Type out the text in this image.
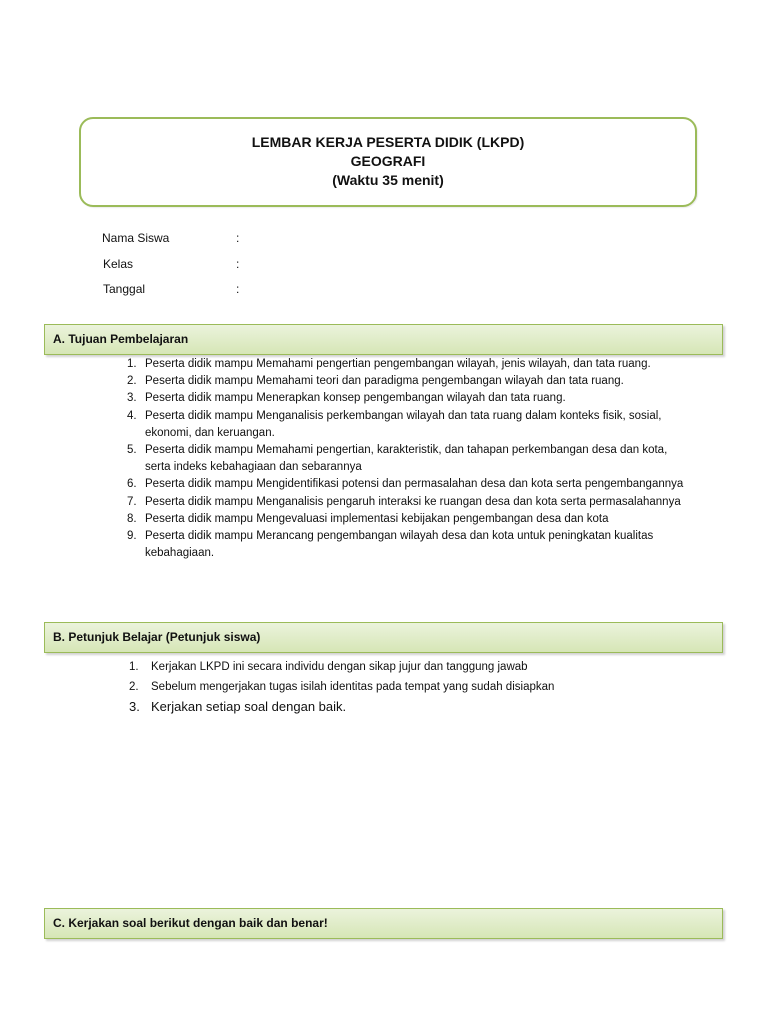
LEMBAR KERJA PESERTA DIDIK (LKPD)
GEOGRAFI
(Waktu 35 menit)
Nama Siswa	:
Kelas	:
Tanggal	:
A. Tujuan Pembelajaran
1. Peserta didik mampu Memahami pengertian pengembangan wilayah, jenis wilayah, dan tata ruang.
2. Peserta didik mampu Memahami teori dan paradigma pengembangan wilayah dan tata ruang.
3. Peserta didik mampu Menerapkan konsep pengembangan wilayah dan tata ruang.
4. Peserta didik mampu Menganalisis perkembangan wilayah dan tata ruang dalam konteks fisik, sosial, ekonomi, dan keruangan.
5. Peserta didik mampu Memahami pengertian, karakteristik, dan tahapan perkembangan desa dan kota, serta indeks kebahagiaan dan sebarannya
6. Peserta didik mampu Mengidentifikasi potensi dan permasalahan desa dan kota serta pengembangannya
7. Peserta didik mampu Menganalisis pengaruh interaksi ke ruangan desa dan kota serta permasalahannya
8. Peserta didik mampu Mengevaluasi implementasi kebijakan pengembangan desa dan kota
9. Peserta didik mampu Merancang pengembangan wilayah desa dan kota untuk peningkatan kualitas kebahagiaan.
B. Petunjuk Belajar (Petunjuk siswa)
1. Kerjakan LKPD ini secara individu dengan sikap jujur dan tanggung jawab
2. Sebelum mengerjakan tugas isilah identitas pada tempat yang sudah disiapkan
3. Kerjakan setiap soal dengan baik.
C. Kerjakan soal berikut dengan baik dan benar!
